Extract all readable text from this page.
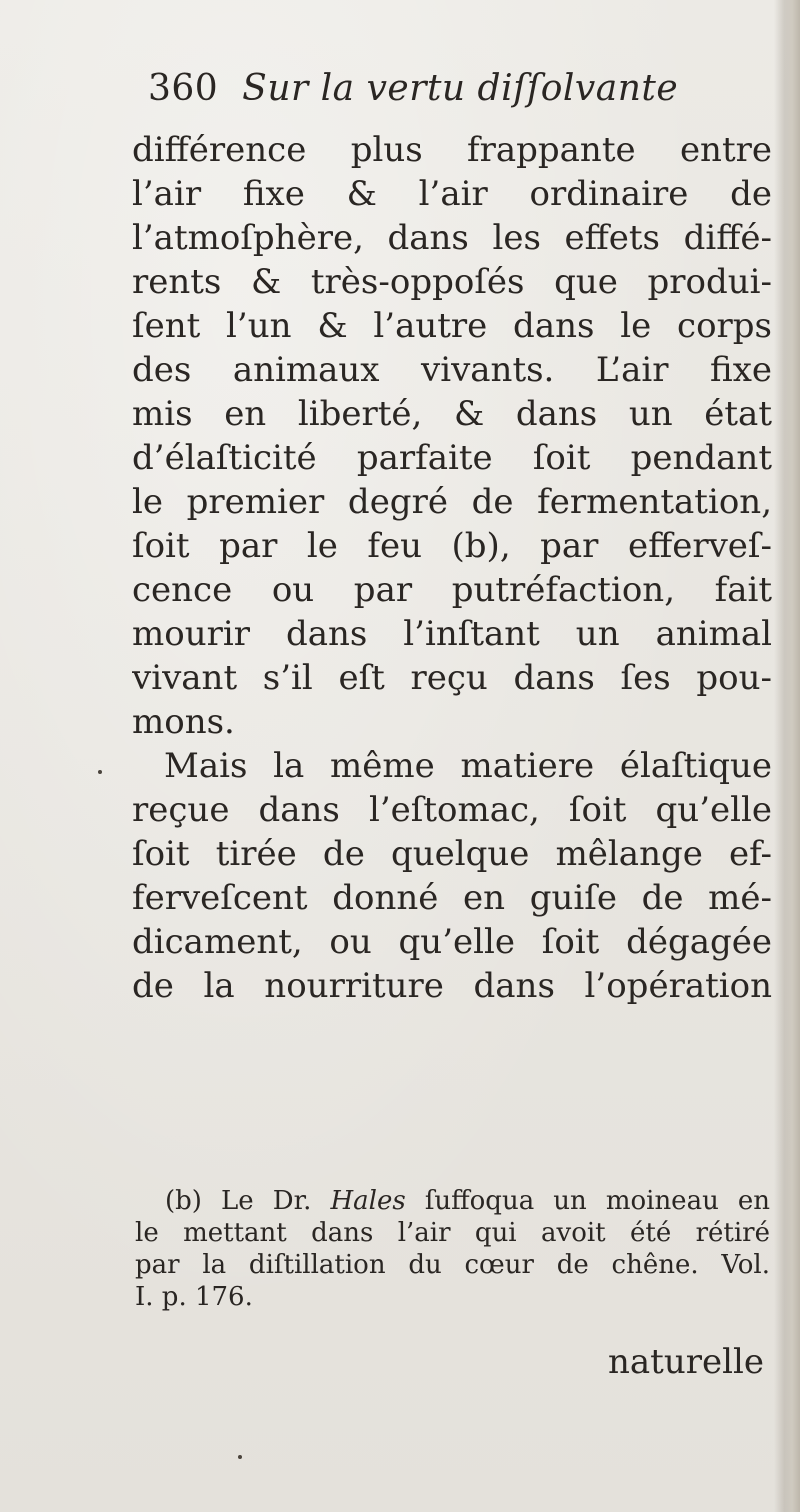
360 Sur la vertu diſſolvante
différence plus frappante entre
l’air fixe & l’air ordinaire de
l’atmoſphère, dans les effets diffé-
rents & très-oppoſés que produi-
ſent l’un & l’autre dans le corps
des animaux vivants. L’air fixe
mis en liberté, & dans un état
d’élaſticité parfaite ſoit pendant
le premier degré de fermentation,
ſoit par le feu (b), par efferveſ-
cence ou par putréfaction, fait
mourir dans l’inſtant un animal
vivant s’il eſt reçu dans ſes pou-
mons.
Mais la même matiere élaſtique
reçue dans l’eſtomac, ſoit qu’elle
ſoit tirée de quelque mêlange ef-
ferveſcent donné en guiſe de mé-
dicament, ou qu’elle ſoit dégagée
de la nourriture dans l’opération
(b) Le Dr. Hales ſuffoqua un moineau en
le mettant dans l’air qui avoit été rétiré
par la diſtillation du cœur de chêne. Vol.
I. p. 176.
naturelle
